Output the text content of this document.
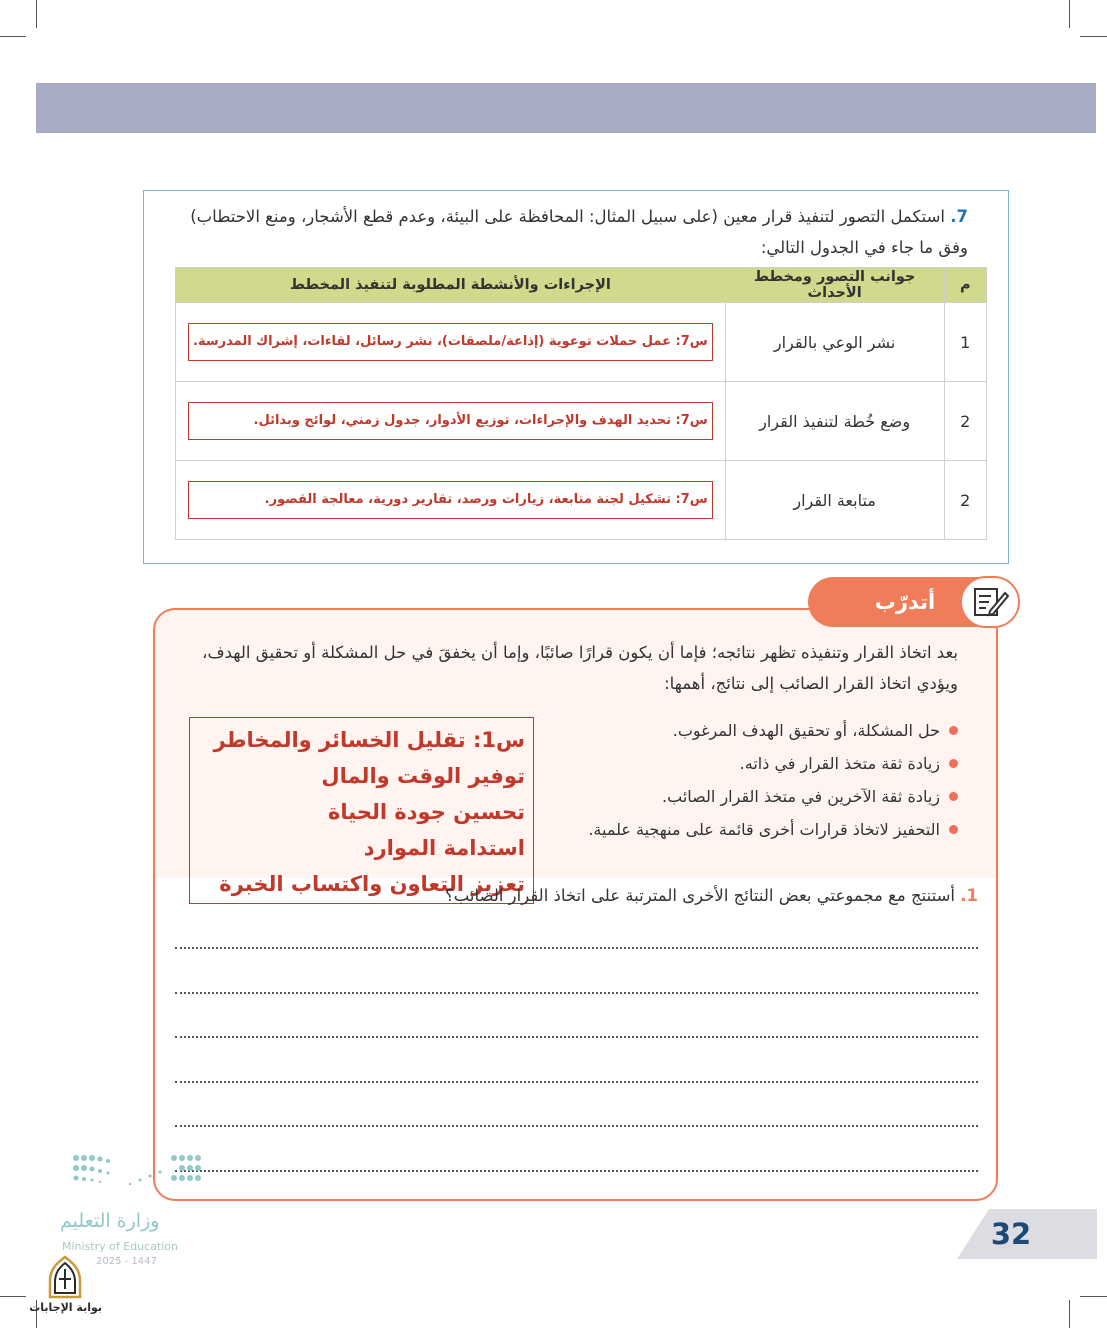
7. استكمل التصور لتنفيذ قرار معين (على سبيل المثال: المحافظة على البيئة، وعدم قطع الأشجار، ومنع الاحتطاب) وفق ما جاء في الجدول التالي:

م	جوانب التصور ومخطط الأحداث	الإجراءات والأنشطة المطلوبة لتنفيذ المخطط
1	نشر الوعي بالقرار	س7: عمل حملات توعوية (إذاعة/ملصقات)، نشر رسائل، لقاءات، إشراك المدرسة.

2	وضع خُطة لتنفيذ القرار	س7: تحديد الهدف والإجراءات، توزيع الأدوار، جدول زمني، لوائح وبدائل.

2	متابعة القرار	س7: تشكيل لجنة متابعة، زيارات ورصد، تقارير دورية، معالجة القصور.

بعد اتخاذ القرار وتنفيذه تظهر نتائجه؛ فإما أن يكون قرارًا صائبًا، وإما أن يخفقَ في حل المشكلة أو تحقيق الهدف، ويؤدي اتخاذ القرار الصائب إلى نتائج، أهمها:

حل المشكلة، أو تحقيق الهدف المرغوب.
زيادة ثقة متخذ القرار في ذاته.
زيادة ثقة الآخرين في متخذ القرار الصائب.
التحفيز لاتخاذ قرارات أخرى قائمة على منهجية علمية.
س1: تقليل الخسائر والمخاطر
توفير الوقت والمال
تحسين جودة الحياة
استدامة الموارد
تعزيز التعاون واكتساب الخبرة	1. أستنتج مع مجموعتي بعض النتائج الأخرى المترتبة على اتخاذ القرار الصائب؟

أتدرّب
32
وزارة التعليم
Ministry of Education
2025 - 1447
بوابة الإجابات
